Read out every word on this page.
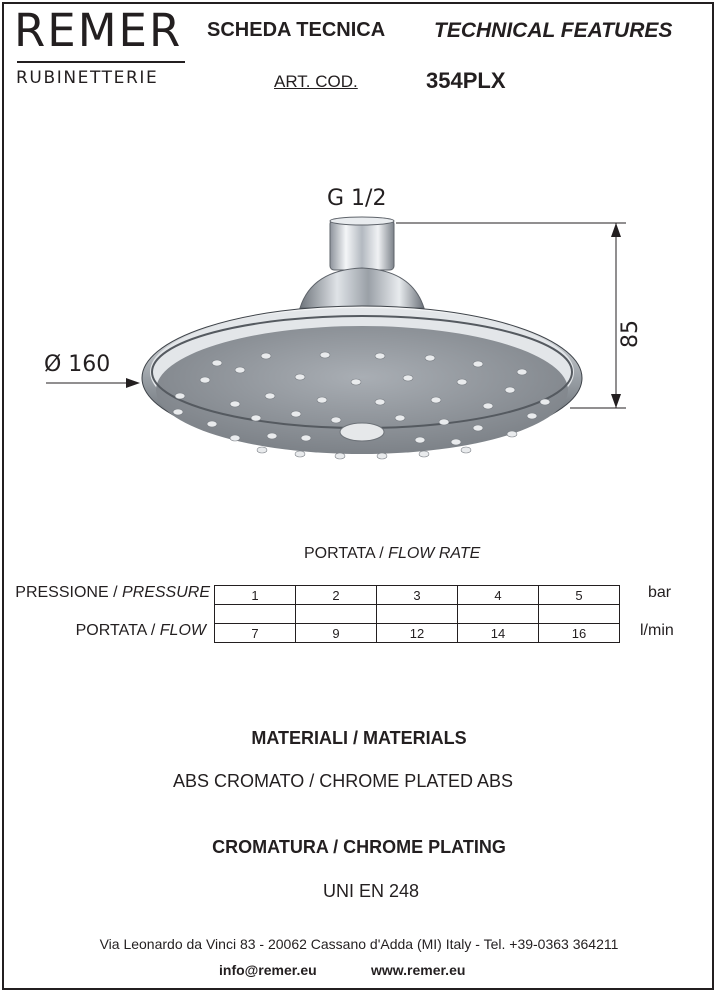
REMER
RUBINETTERIE
SCHEDA TECNICA TECHNICAL FEATURES
ART. COD.	354PLX
G 1/2
Ø 160
85
PORTATA / FLOW RATE
PRESSIONE / PRESSURE	1	2	3	4	5	bar
PORTATA / FLOW	7	9	12	14	16	l/min
MATERIALI / MATERIALS
ABS CROMATO / CHROME PLATED ABS
CROMATURA / CHROME PLATING
UNI EN 248
Via Leonardo da Vinci 83 - 20062 Cassano d'Adda (MI) Italy - Tel. +39-0363 364211
info@remer.eu	www.remer.eu
